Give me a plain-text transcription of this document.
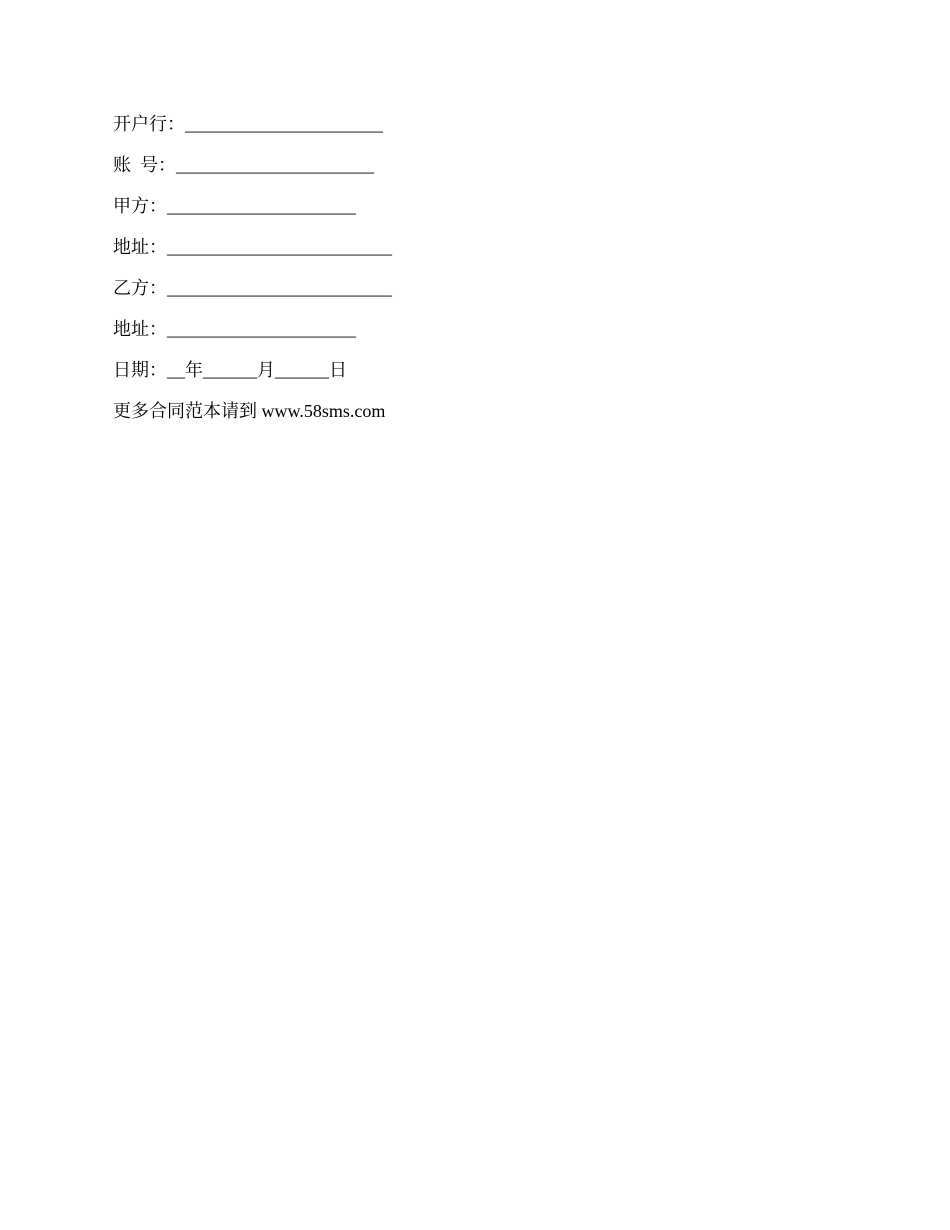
开户行：______________________
账  号：______________________
甲方：_____________________
地址：_________________________
乙方：_________________________
地址：_____________________
日期：__年______月______日
更多合同范本请到 www.58sms.com
